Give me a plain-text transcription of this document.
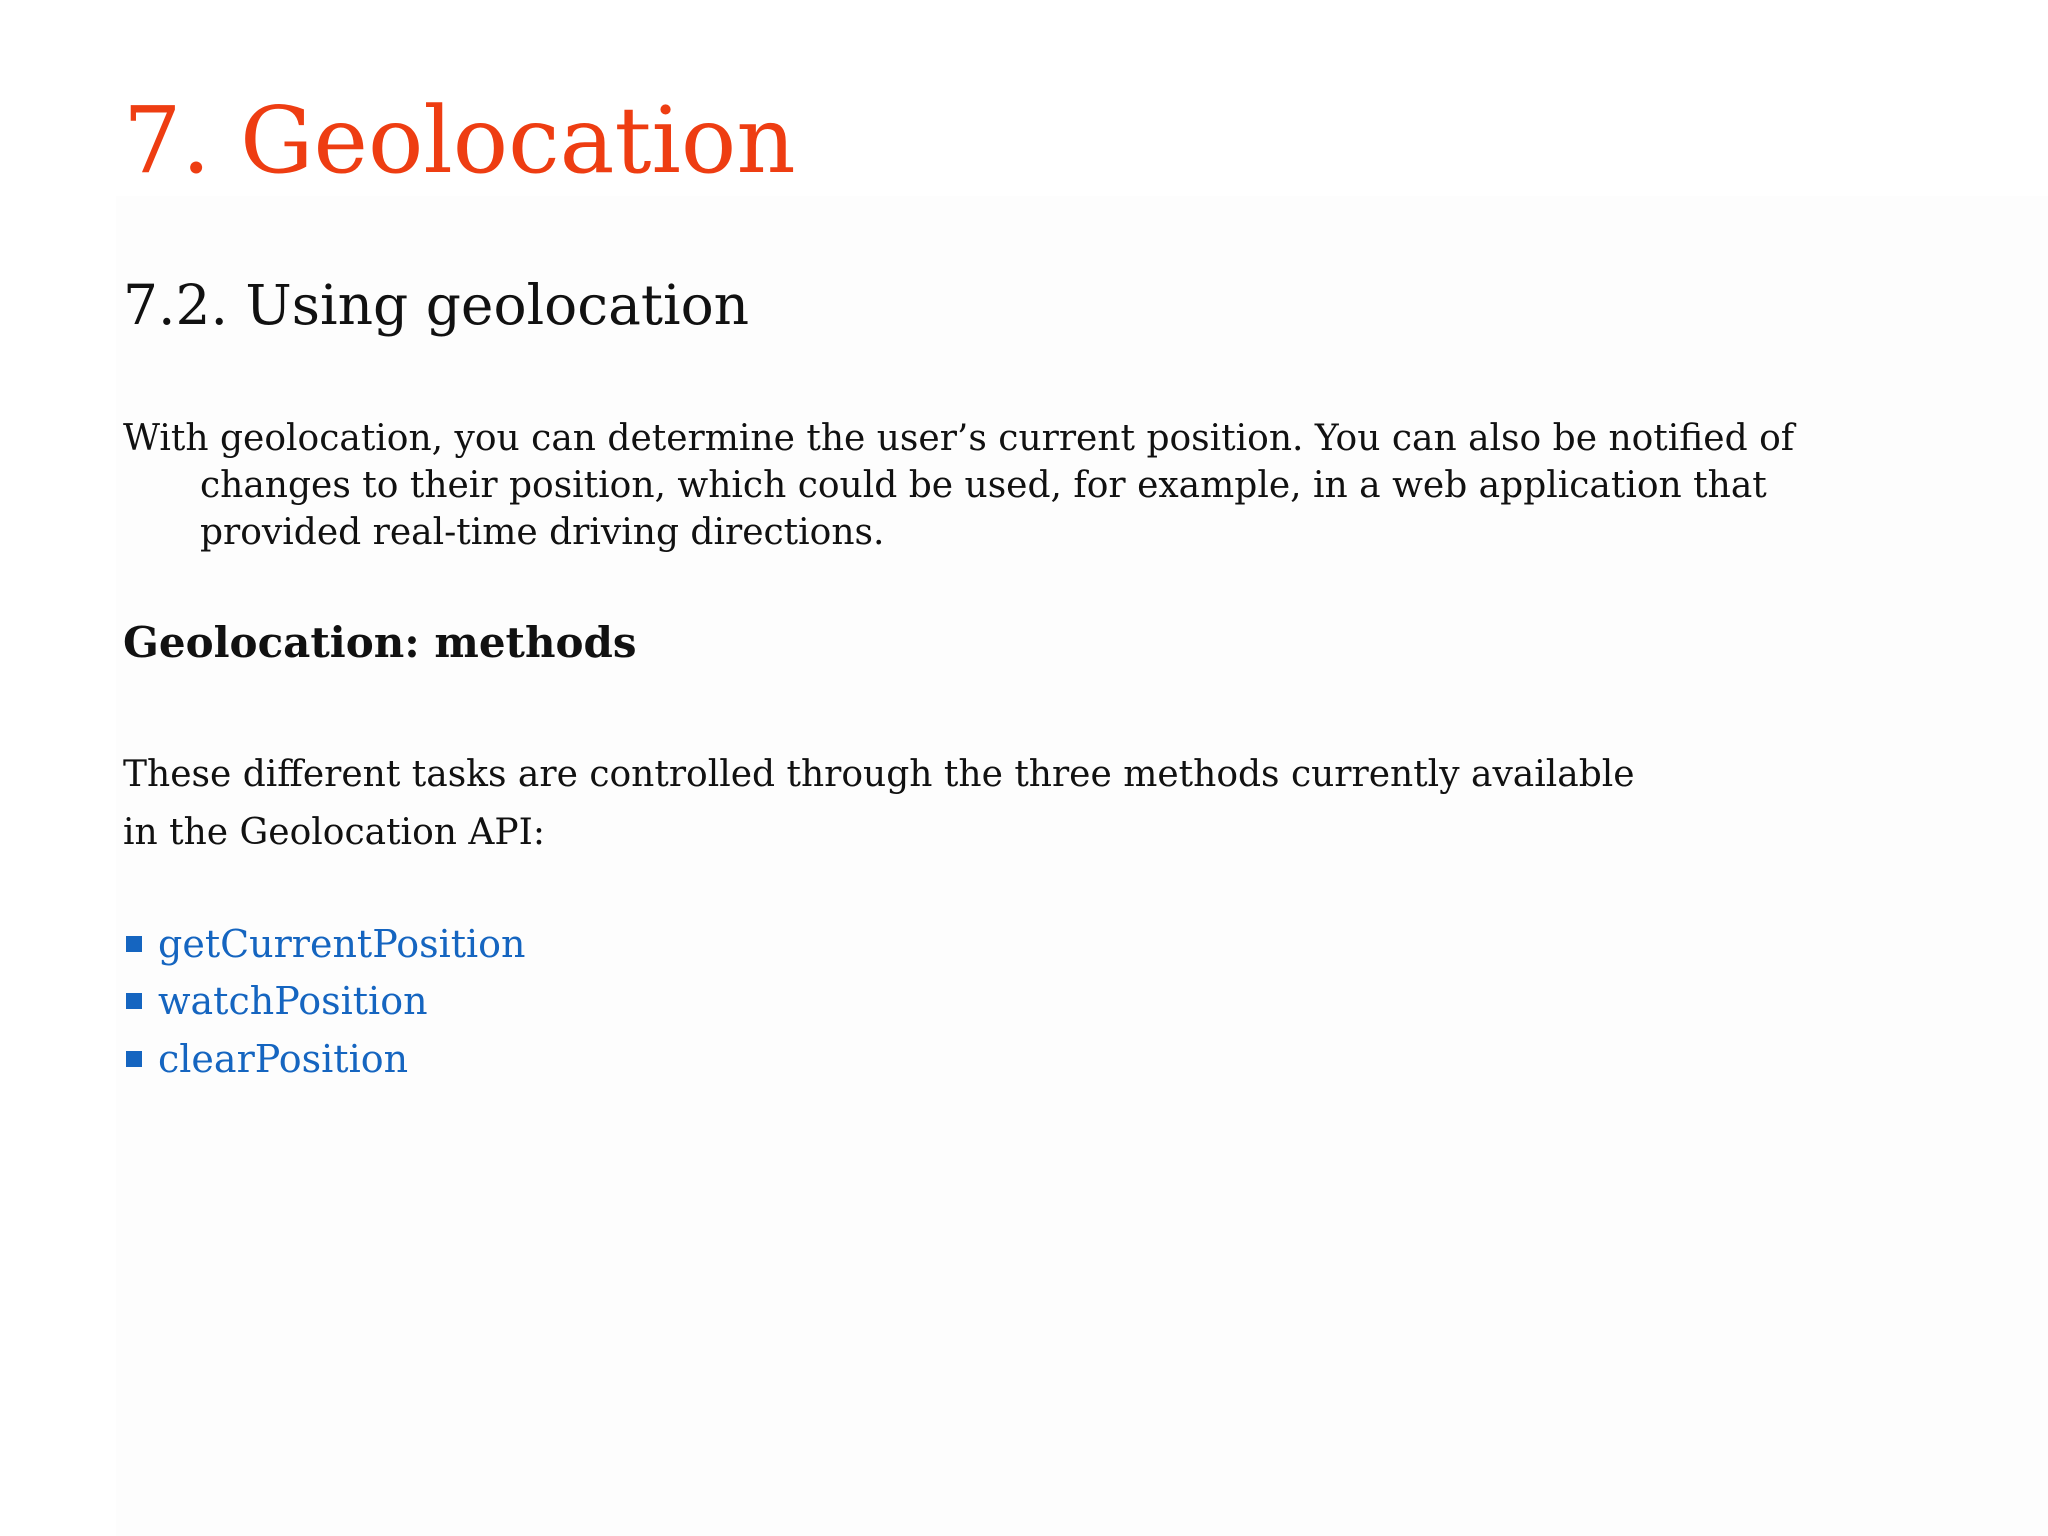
7. Geolocation
7.2. Using geolocation

With geolocation, you can determine the user’s current position. You can also be notified of changes to their position, which could be used, for example, in a web application that provided real-time driving directions.

Geolocation: methods

These different tasks are controlled through the three methods currently available
in the Geolocation API:

getCurrentPosition
watchPosition
clearPosition
